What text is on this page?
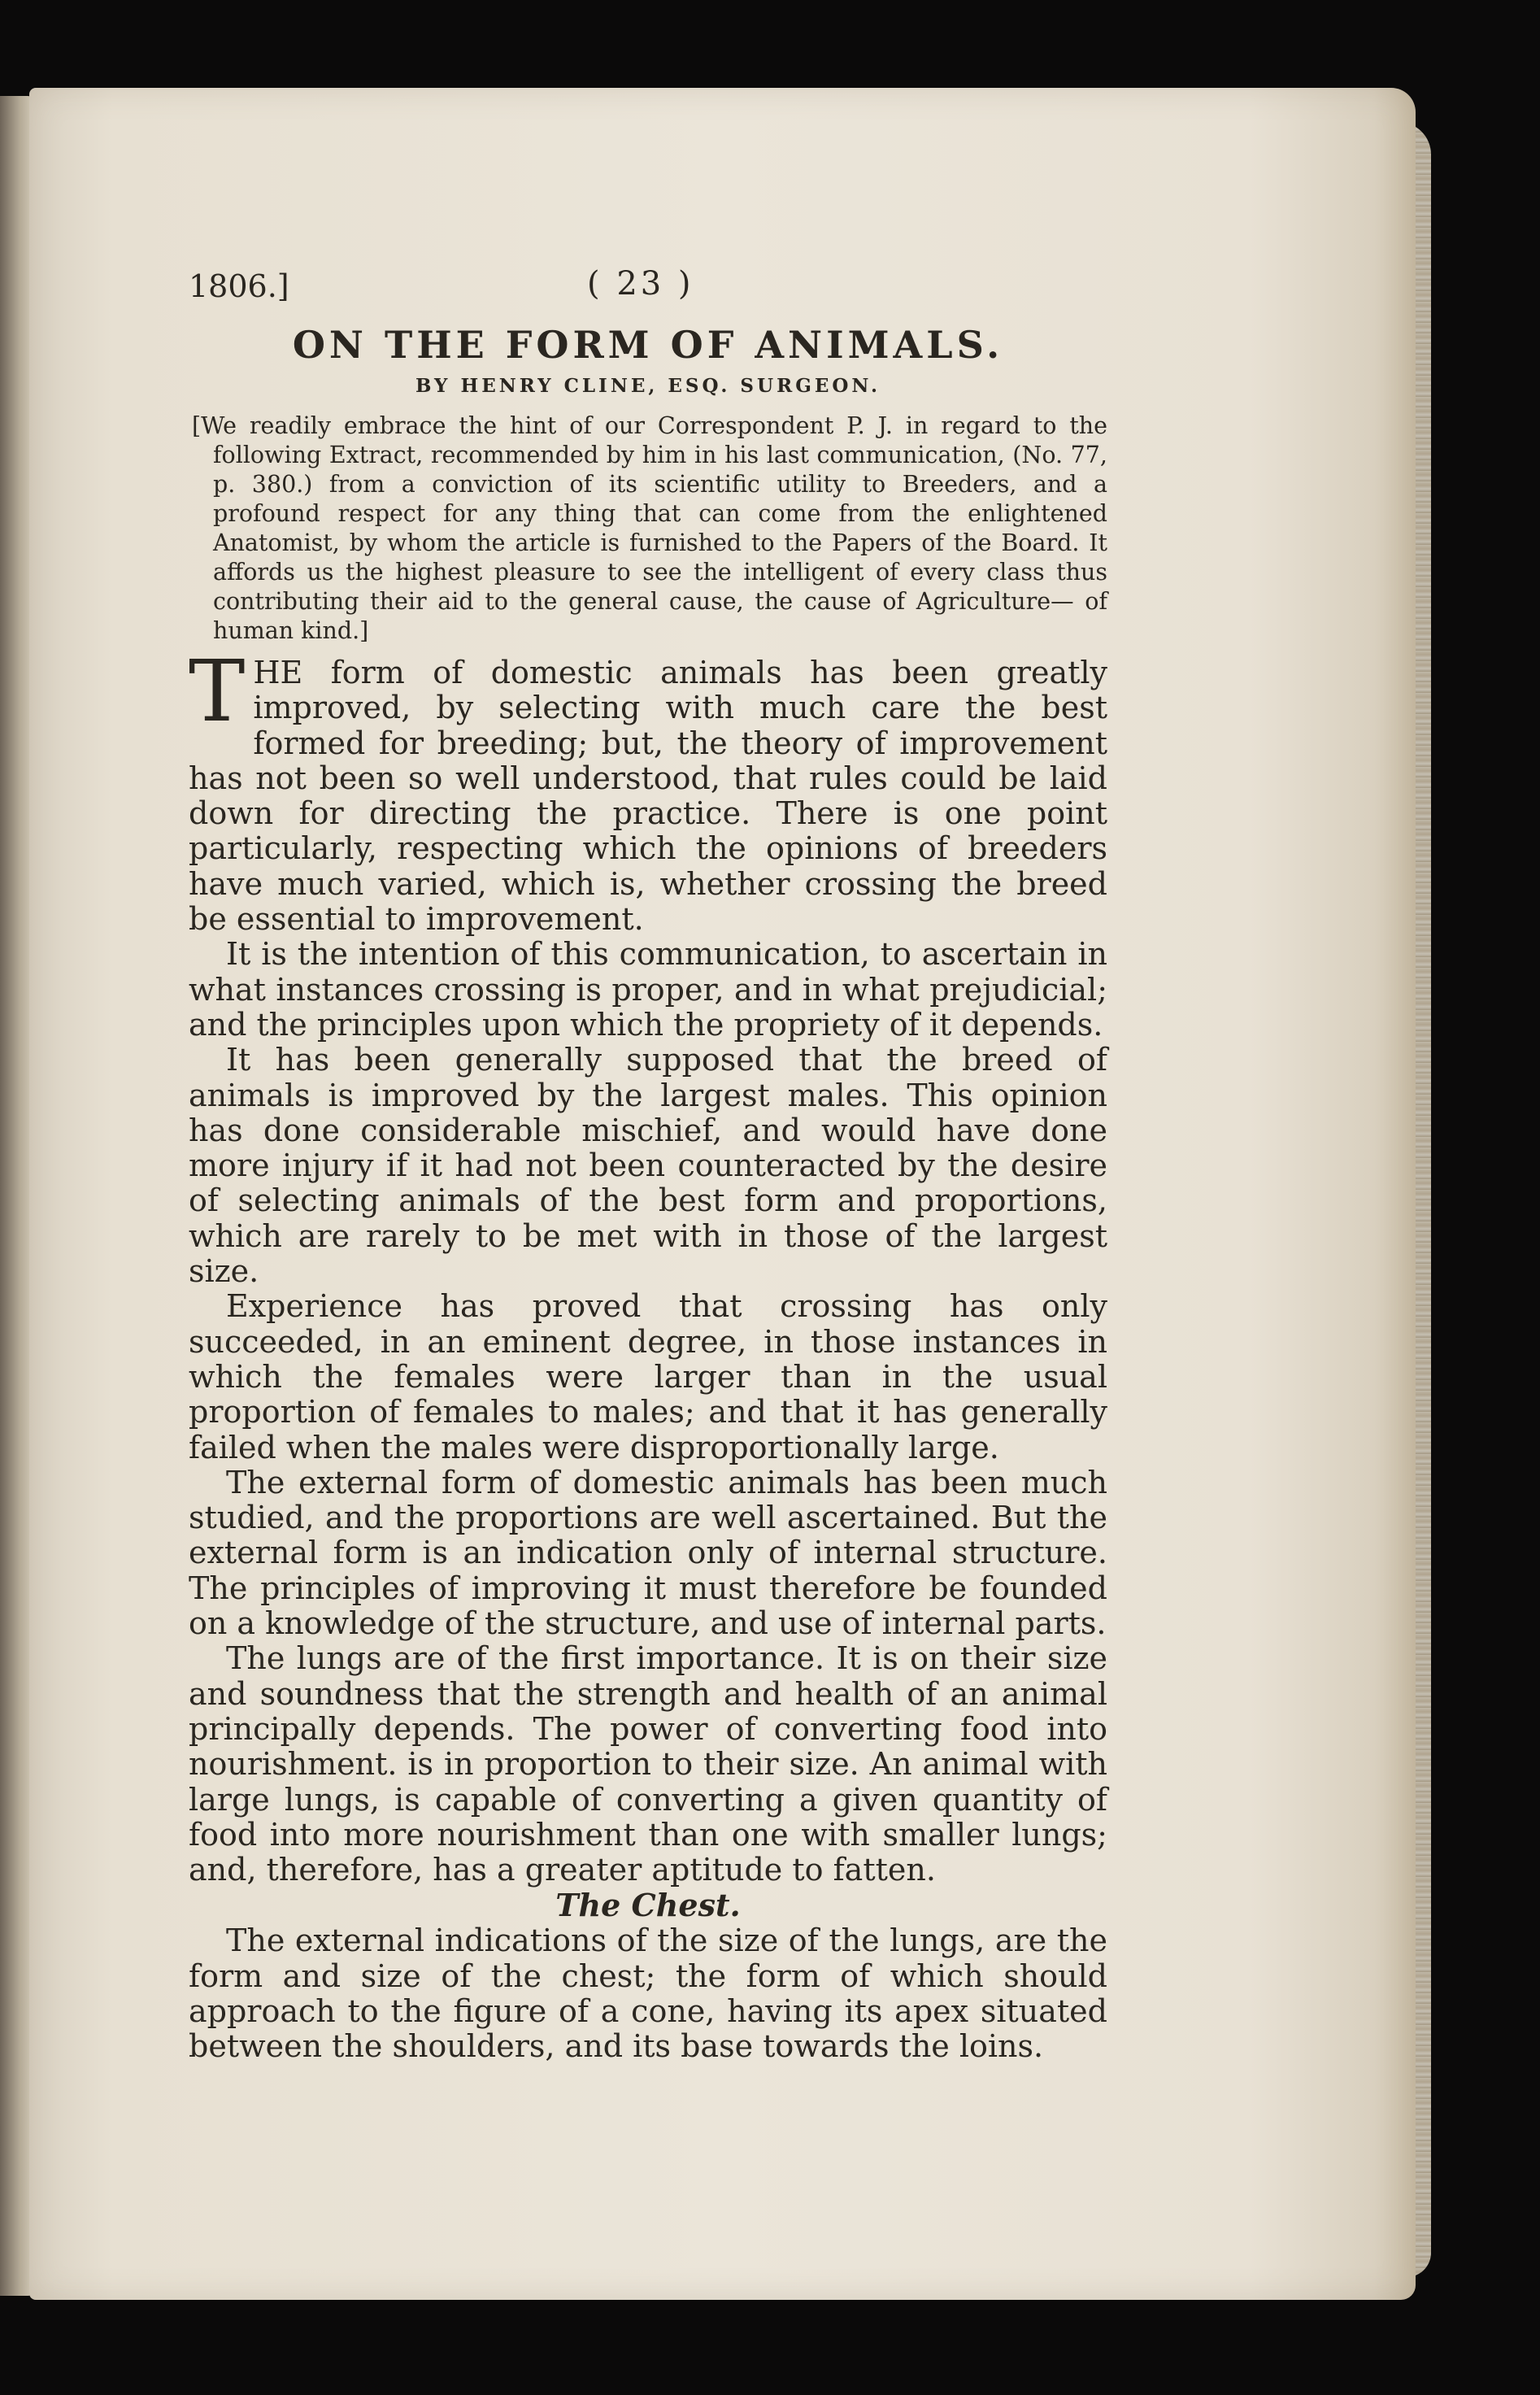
1806.]	( 23 )
ON THE FORM OF ANIMALS.
BY HENRY CLINE, ESQ. SURGEON.

[We readily embrace the hint of our Correspondent P. J. in regard to the following Extract, recommended by him in his last communication, (No. 77, p. 380.) from a conviction of its scientific utility to Breeders, and a profound respect for any thing that can come from the enlightened Anatomist, by whom the article is furnished to the Papers of the Board. It affords us the highest pleasure to see the intelligent of every class thus contributing their aid to the general cause, the cause of Agriculture— of human kind.]

THE form of domestic animals has been greatly improved, by selecting with much care the best formed for breeding; but, the theory of improvement has not been so well understood, that rules could be laid down for directing the practice. There is one point particularly, respecting which the opinions of breeders have much varied, which is, whether crossing the breed be essential to improvement.

It is the intention of this communication, to ascertain in what instances crossing is proper, and in what prejudicial; and the principles upon which the propriety of it depends.

It has been generally supposed that the breed of animals is improved by the largest males. This opinion has done considerable mischief, and would have done more injury if it had not been counteracted by the desire of selecting animals of the best form and proportions, which are rarely to be met with in those of the largest size.

Experience has proved that crossing has only succeeded, in an eminent degree, in those instances in which the females were larger than in the usual proportion of females to males; and that it has generally failed when the males were disproportionally large.

The external form of domestic animals has been much studied, and the proportions are well ascertained. But the external form is an indication only of internal structure. The principles of improving it must therefore be founded on a knowledge of the structure, and use of internal parts.

The lungs are of the first importance. It is on their size and soundness that the strength and health of an animal principally depends. The power of converting food into nourishment. is in proportion to their size. An animal with large lungs, is capable of converting a given quantity of food into more nourishment than one with smaller lungs; and, therefore, has a greater aptitude to fatten.

The Chest.

The external indications of the size of the lungs, are the form and size of the chest; the form of which should approach to the figure of a cone, having its apex situated between the shoulders, and its base towards the loins.
